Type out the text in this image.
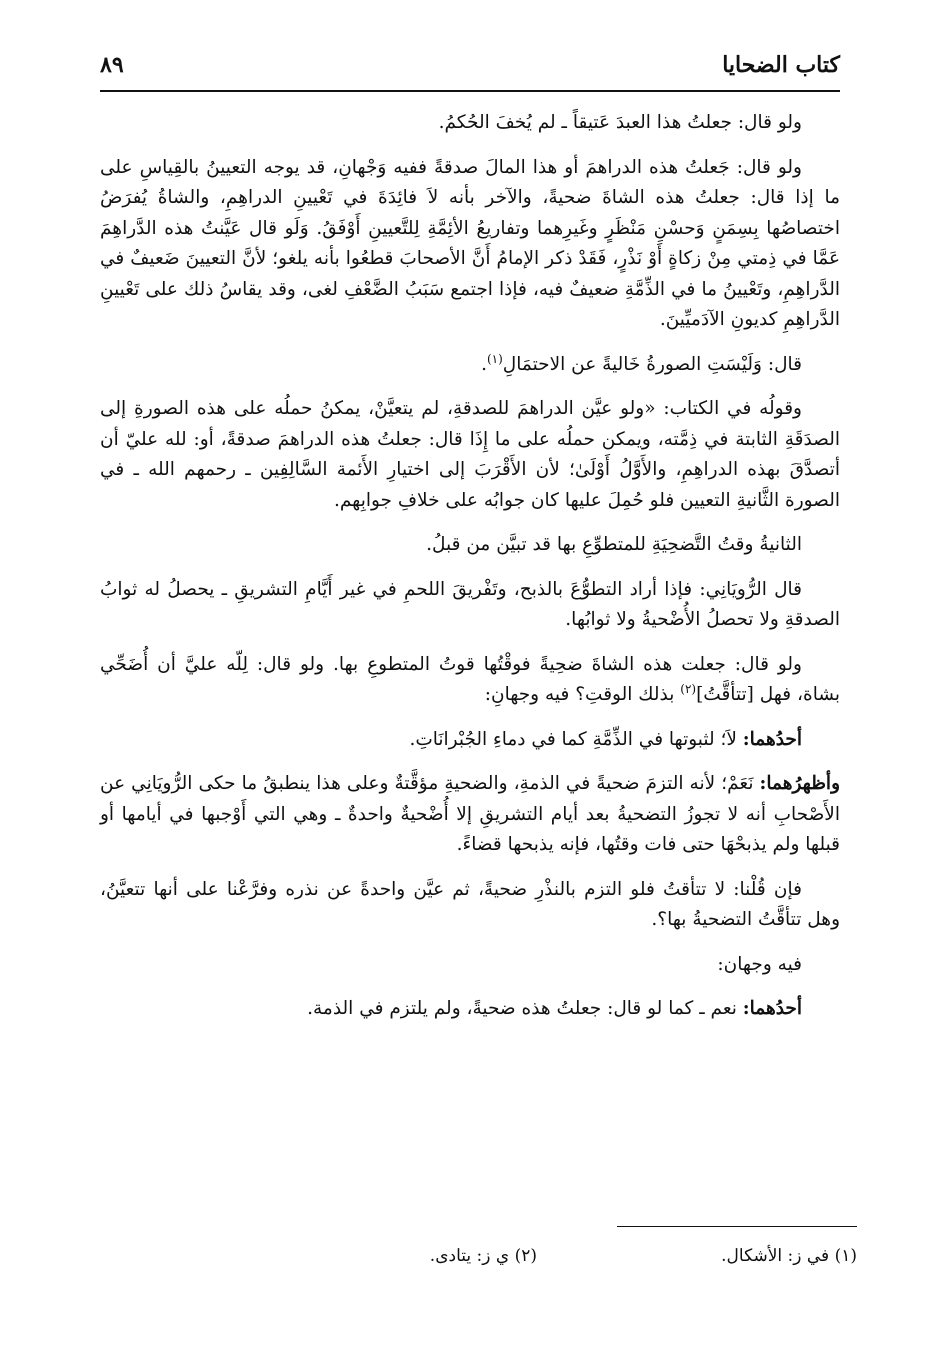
كتاب الضحايا
٨٩

ولو قال: جعلتُ هذا العبدَ عَتيقاً ـ لم يُخفَ الحُكمُ.

ولو قال: جَعلتُ هذه الدراهمَ أو هذا المالَ صدقةً ففيه وَجْهانِ، قد يوجه التعيينُ بالقِياسِ على ما إذا قال: جعلتُ هذه الشاةَ ضحيةً، والآخر بأنه لاَ فائِدَةَ في تَعْيينِ الدراهِمِ، والشاةُ يُفرَضُ اختصاصُها بِسِمَنٍ وَحسْنِ مَنْظَرٍ وغَيرِهما وتفاريعُ الأئِمَّةِ لِلتَّعيينِ أَوْفَقُ. وَلَو قال عَيَّنتُ هذه الدَّراهِمَ عَمَّا في ذِمتي مِنْ زكاةٍ أَوْ نَذْرٍ، فَقَدْ ذكر الإمامُ أَنَّ الأصحابَ قطعُوا بأنه يلغو؛ لأنَّ التعيينَ ضَعيفٌ في الدَّراهِمِ، وتَعْيينُ ما في الذِّمَّةِ ضعيفٌ فيه، فإذا اجتمع سَبَبُ الضَّعْفِ لغى، وقد يقاسُ ذلك على تَعْيينِ الدَّراهِمِ كديونِ الآدَميِّينَ.

قال: وَلَيْسَتِ الصورةُ خَاليةً عن الاحتمَالِ$^{(١)}$.

وقولُه في الكتاب: «ولو عيَّن الدراهمَ للصدقةِ، لم يتعيَّنْ، يمكنُ حملُه على هذه الصورةِ إلى الصدَقَةِ الثابتة في ذِمَّته، ويمكن حملُه على ما إِذَا قال: جعلتُ هذه الدراهمَ صدقةً، أو: لله عليّ أن أتصدَّقَ بهذه الدراهِمِ، والأَوَّلُ أَوْلَىٰ؛ لأن الأَقْرَبَ إلى اختيارِ الأَئمة السَّالِفِين ـ رحمهم الله ـ في الصورة الثَّانيةِ التعيين فلو حُمِلَ عليها كان جوابُه على خلافِ جوابِهم.

الثانيةُ وقتُ التَّضحِيَةِ للمتطوِّعِ بها قد تبيَّن من قبلُ.

قال الرُّويَانِي: فإذا أراد التطوُّعَ بالذبح، وتَفْريقَ اللحمِ في غير أَيَّامِ التشريقِ ـ يحصلُ له ثوابُ الصدقةِ ولا تحصلُ الأُضْحيةُ ولا ثوابُها.

ولو قال: جعلت هذه الشاةَ ضحِيةً فوقْتُها قوتُ المتطوعِ بها. ولو قال: لِلّه عليَّ أن أُضَحِّي بشاة، فهل [تتأقَّتُ]$^{(٢)}$ بذلك الوقتِ؟ فيه وجهانِ:

أحدُهما: لاَ؛ لثبوتها في الذِّمَّةِ كما في دماءِ الجُبْرانَاتِ.

وأظهرُهما: نَعَمْ؛ لأنه التزمَ ضحيةً في الذمةِ، والضحيةِ مؤقَّتةٌ وعلى هذا ينطبقُ ما حكى الرُّويَانِي عن الأَصْحابِ أنه لا تجوزُ التضحيةُ بعد أيام التشريقِ إلا أُضْحيةٌ واحدةٌ ـ وهي التي أَوْجبها في أيامها أو قبلها ولم يذبحْهَا حتى فات وقتُها، فإنه يذبحها قضاءً.

فإن قُلْنا: لا تتأقتُ فلو التزم بالنذْرِ ضحيةً، ثم عيَّن واحدةً عن نذره وفرَّعْنا على أنها تتعيَّنُ، وهل تتأقَّتُ التضحيةُ بها؟.

فيه وجهان:

أحدُهما: نعم ـ كما لو قال: جعلتُ هذه ضحيةً، ولم يلتزم في الذمة.

(١) في ز: الأشكال.
(٢) ي ز: يتادى.
